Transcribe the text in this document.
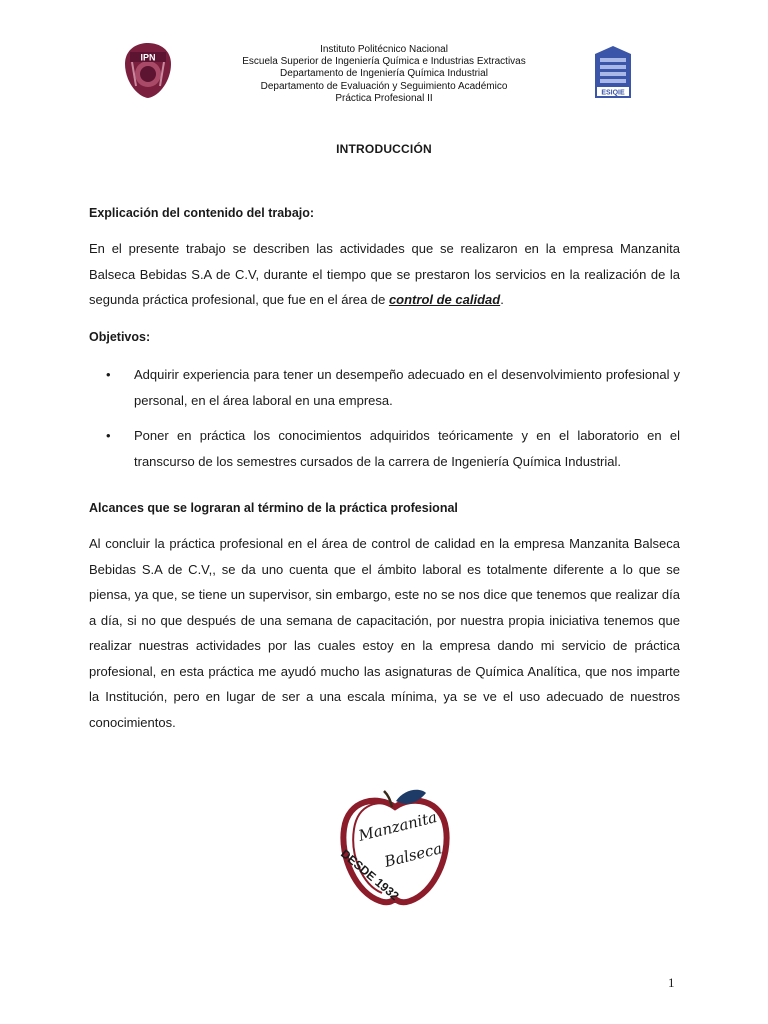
IPN
Instituto Politécnico Nacional
Escuela Superior de Ingeniería Química e Industrias Extractivas
Departamento de Ingeniería Química Industrial
Departamento de Evaluación y Seguimiento Académico
Práctica Profesional II	ESIQIE
INTRODUCCIÓN
Explicación del contenido del trabajo:
En el presente trabajo se describen las actividades que se realizaron en la empresa Manzanita Balseca Bebidas S.A de C.V, durante el tiempo que se prestaron los servicios en la realización de la segunda práctica profesional, que fue en el área de control de calidad.
Objetivos:
• Adquirir experiencia para tener un desempeño adecuado en el desenvolvimiento profesional y personal, en el área laboral en una empresa.
• Poner en práctica los conocimientos adquiridos teóricamente y en el laboratorio en el transcurso de los semestres cursados de la carrera de Ingeniería Química Industrial.
Alcances que se lograran al término de la práctica profesional
Al concluir la práctica profesional en el área de control de calidad en la empresa Manzanita Balseca Bebidas S.A de C.V,, se da uno cuenta que el ámbito laboral es totalmente diferente a lo que se piensa, ya que, se tiene un supervisor, sin embargo, este no se nos dice que tenemos que realizar día a día, si no que después de una semana de capacitación, por nuestra propia iniciativa tenemos que realizar nuestras actividades por las cuales estoy en la empresa dando mi servicio de práctica profesional, en esta práctica me ayudó mucho las asignaturas de Química Analítica, que nos imparte la Institución, pero en lugar de ser a una escala mínima, ya se ve el uso adecuado de nuestros conocimientos.
Manzanita
Balseca
DESDE 1932
1
